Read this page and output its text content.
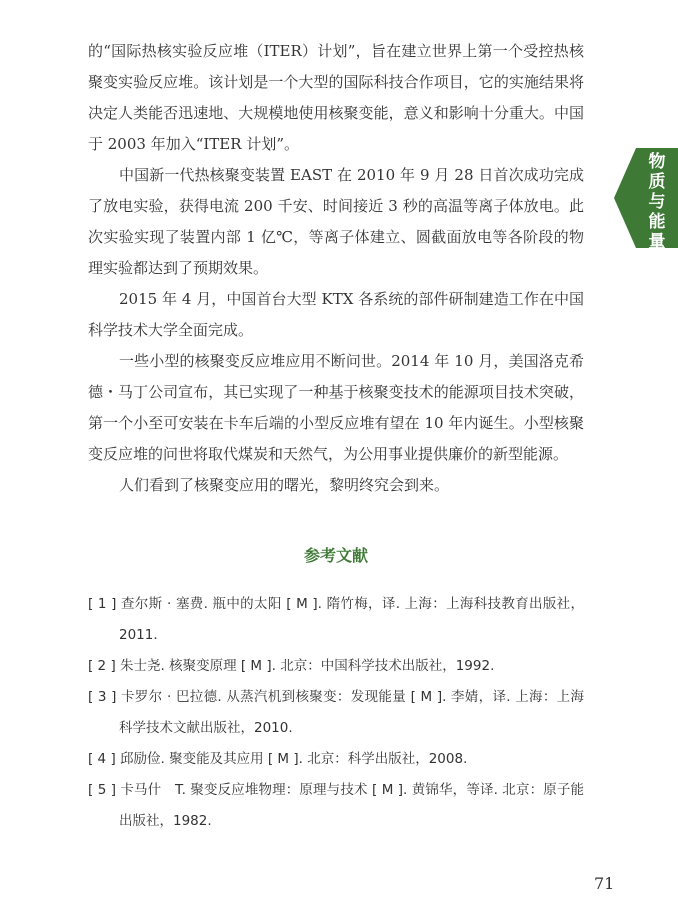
的“国际热核实验反应堆（ITER）计划”，旨在建立世界上第一个受控热核聚变实验反应堆。该计划是一个大型的国际科技合作项目，它的实施结果将决定人类能否迅速地、大规模地使用核聚变能，意义和影响十分重大。中国于 2003 年加入“ITER 计划”。

中国新一代热核聚变装置 EAST 在 2010 年 9 月 28 日首次成功完成了放电实验，获得电流 200 千安、时间接近 3 秒的高温等离子体放电。此次实验实现了装置内部 1 亿℃，等离子体建立、圆截面放电等各阶段的物理实验都达到了预期效果。

2015 年 4 月，中国首台大型 KTX 各系统的部件研制建造工作在中国科学技术大学全面完成。

一些小型的核聚变反应堆应用不断问世。2014 年 10 月，美国洛克希德・马丁公司宣布，其已实现了一种基于核聚变技术的能源项目技术突破，第一个小至可安装在卡车后端的小型反应堆有望在 10 年内诞生。小型核聚变反应堆的问世将取代煤炭和天然气，为公用事业提供廉价的新型能源。

人们看到了核聚变应用的曙光，黎明终究会到来。

参考文献
[ 1 ] 查尔斯 · 塞费. 瓶中的太阳 [ M ]. 隋竹梅，译. 上海：上海科技教育出版社，2011.
[ 2 ] 朱士尧. 核聚变原理 [ M ]. 北京：中国科学技术出版社，1992.
[ 3 ] 卡罗尔 · 巴拉德. 从蒸汽机到核聚变：发现能量 [ M ]. 李婧，译. 上海：上海科学技术文献出版社，2010.
[ 4 ] 邱励俭. 聚变能及其应用 [ M ]. 北京：科学出版社，2008.
[ 5 ] 卡马什　T. 聚变反应堆物理：原理与技术 [ M ]. 黄锦华，等译. 北京：原子能出版社，1982.
物质与能量
71
